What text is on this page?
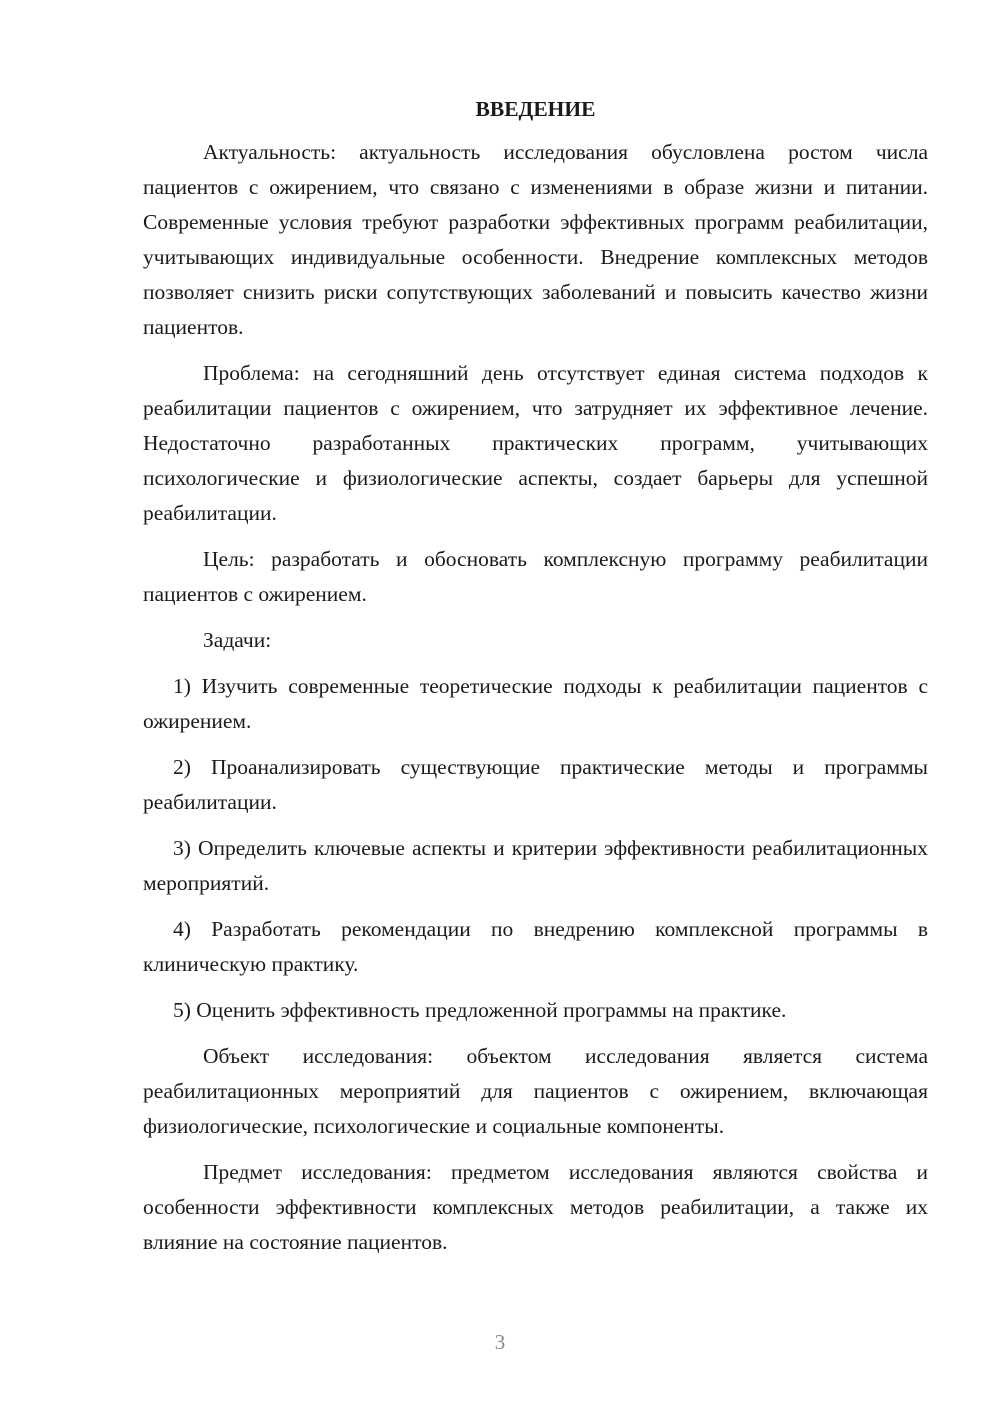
ВВЕДЕНИЕ

Актуальность: актуальность исследования обусловлена ростом числа пациентов с ожирением, что связано с изменениями в образе жизни и питании. Современные условия требуют разработки эффективных программ реабилитации, учитывающих индивидуальные особенности. Внедрение комплексных методов позволяет снизить риски сопутствующих заболеваний и повысить качество жизни пациентов.

Проблема: на сегодняшний день отсутствует единая система подходов к реабилитации пациентов с ожирением, что затрудняет их эффективное лечение. Недостаточно разработанных практических программ, учитывающих психологические и физиологические аспекты, создает барьеры для успешной реабилитации.

Цель: разработать и обосновать комплексную программу реабилитации пациентов с ожирением.

Задачи:

1) Изучить современные теоретические подходы к реабилитации пациентов с ожирением.

2) Проанализировать существующие практические методы и программы реабилитации.

3) Определить ключевые аспекты и критерии эффективности реабилитационных мероприятий.

4) Разработать рекомендации по внедрению комплексной программы в клиническую практику.

5) Оценить эффективность предложенной программы на практике.

Объект исследования: объектом исследования является система реабилитационных мероприятий для пациентов с ожирением, включающая физиологические, психологические и социальные компоненты.

Предмет исследования: предметом исследования являются свойства и особенности эффективности комплексных методов реабилитации, а также их влияние на состояние пациентов.

3
